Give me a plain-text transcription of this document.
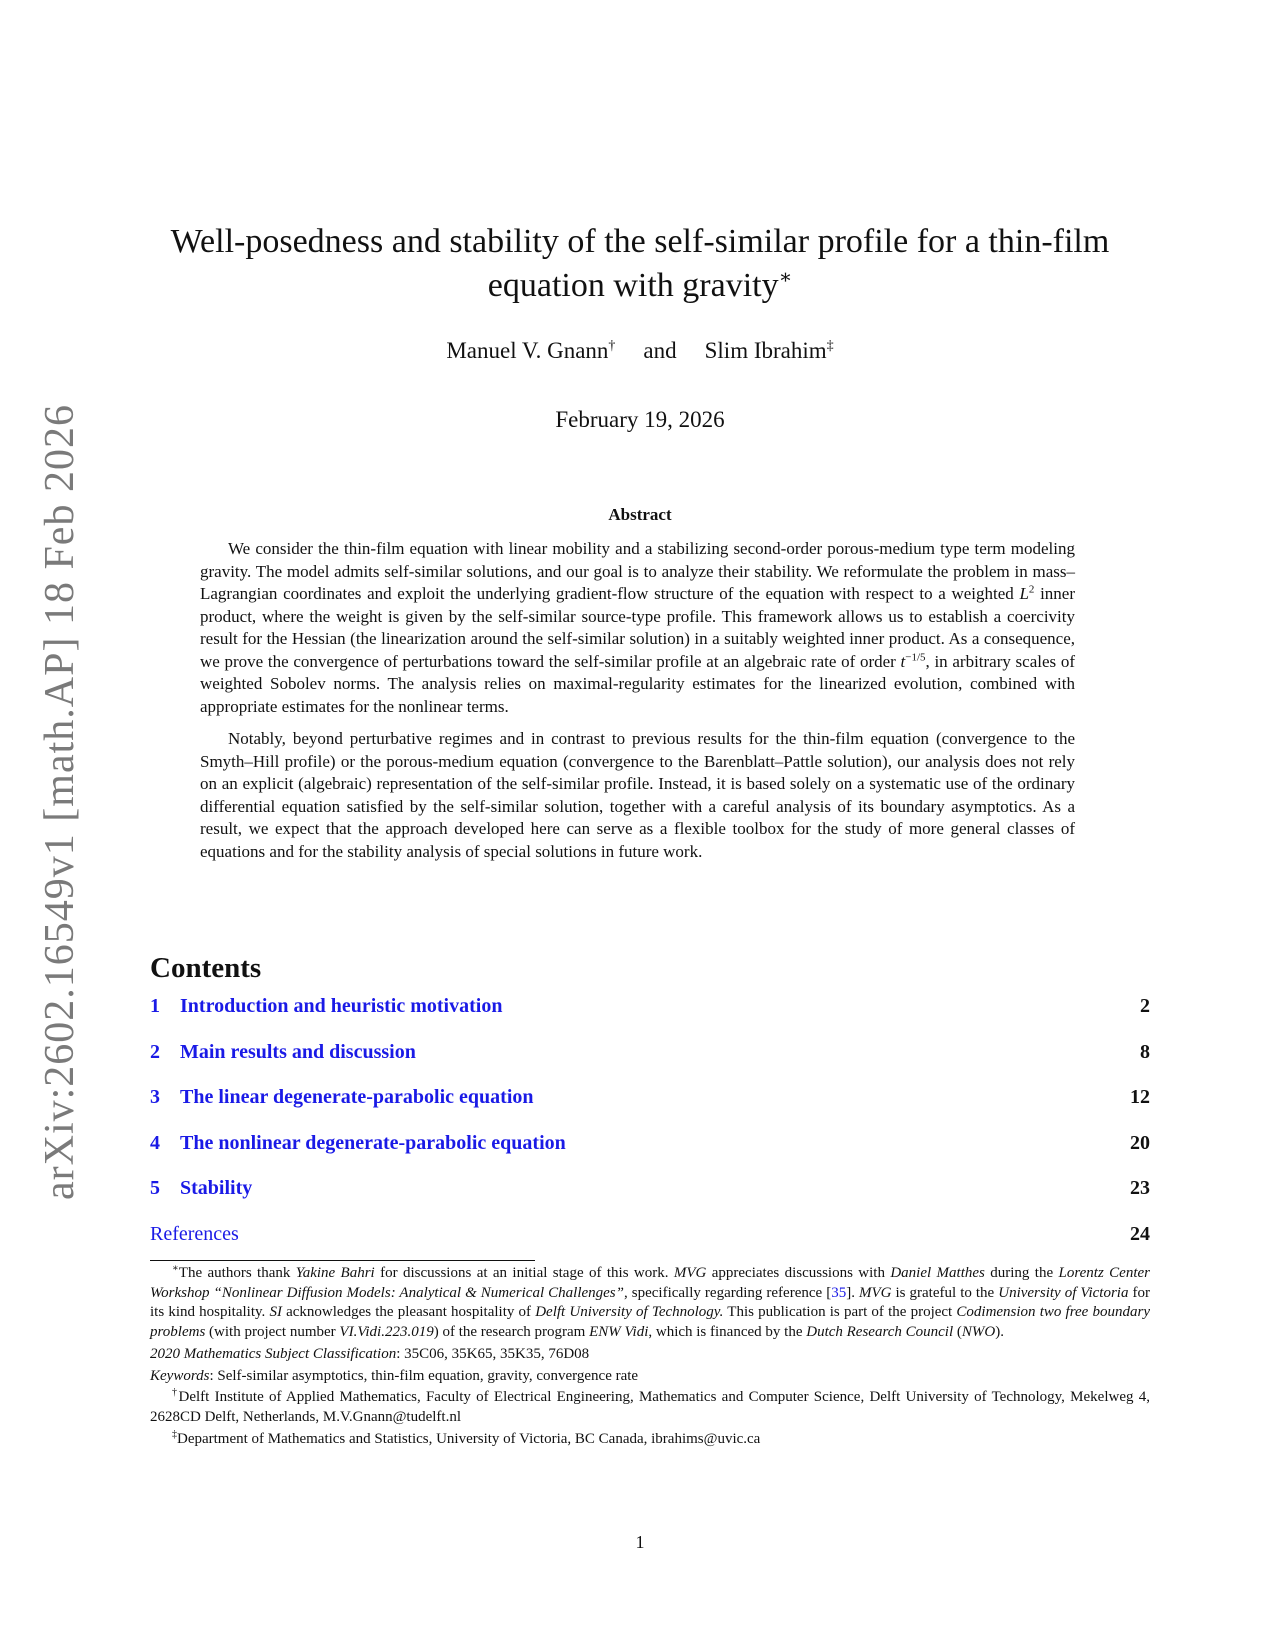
arXiv:2602.16549v1 [math.AP] 18 Feb 2026
Well-posedness and stability of the self-similar profile for a thin-film equation with gravity∗
Manuel V. Gnann† and Slim Ibrahim‡
February 19, 2026
Abstract

We consider the thin-film equation with linear mobility and a stabilizing second-order porous-medium type term modeling gravity. The model admits self-similar solutions, and our goal is to analyze their stability. We reformulate the problem in mass–Lagrangian coordinates and exploit the underlying gradient-flow structure of the equation with respect to a weighted $L^2$ inner product, where the weight is given by the self-similar source-type profile. This framework allows us to establish a coercivity result for the Hessian (the linearization around the self-similar solution) in a suitably weighted inner product. As a consequence, we prove the convergence of perturbations toward the self-similar profile at an algebraic rate of order $t^{-1/5}$, in arbitrary scales of weighted Sobolev norms. The analysis relies on maximal-regularity estimates for the linearized evolution, combined with appropriate estimates for the nonlinear terms.

Notably, beyond perturbative regimes and in contrast to previous results for the thin-film equation (convergence to the Smyth–Hill profile) or the porous-medium equation (convergence to the Barenblatt–Pattle solution), our analysis does not rely on an explicit (algebraic) representation of the self-similar profile. Instead, it is based solely on a systematic use of the ordinary differential equation satisfied by the self-similar solution, together with a careful analysis of its boundary asymptotics. As a result, we expect that the approach developed here can serve as a flexible toolbox for the study of more general classes of equations and for the stability analysis of special solutions in future work.

Contents
1 Introduction and heuristic motivation	2
2 Main results and discussion	8
3 The linear degenerate-parabolic equation	12
4 The nonlinear degenerate-parabolic equation	20
5 Stability	23
References	24

∗The authors thank Yakine Bahri for discussions at an initial stage of this work. MVG appreciates discussions with Daniel Matthes during the Lorentz Center Workshop “Nonlinear Diffusion Models: Analytical & Numerical Challenges”, specifically regarding reference [35]. MVG is grateful to the University of Victoria for its kind hospitality. SI acknowledges the pleasant hospitality of Delft University of Technology. This publication is part of the project Codimension two free boundary problems (with project number VI.Vidi.223.019) of the research program ENW Vidi, which is financed by the Dutch Research Council (NWO).

2020 Mathematics Subject Classification: 35C06, 35K65, 35K35, 76D08

Keywords: Self-similar asymptotics, thin-film equation, gravity, convergence rate

†Delft Institute of Applied Mathematics, Faculty of Electrical Engineering, Mathematics and Computer Science, Delft University of Technology, Mekelweg 4, 2628CD Delft, Netherlands, M.V.Gnann@tudelft.nl

‡Department of Mathematics and Statistics, University of Victoria, BC Canada, ibrahims@uvic.ca

1
